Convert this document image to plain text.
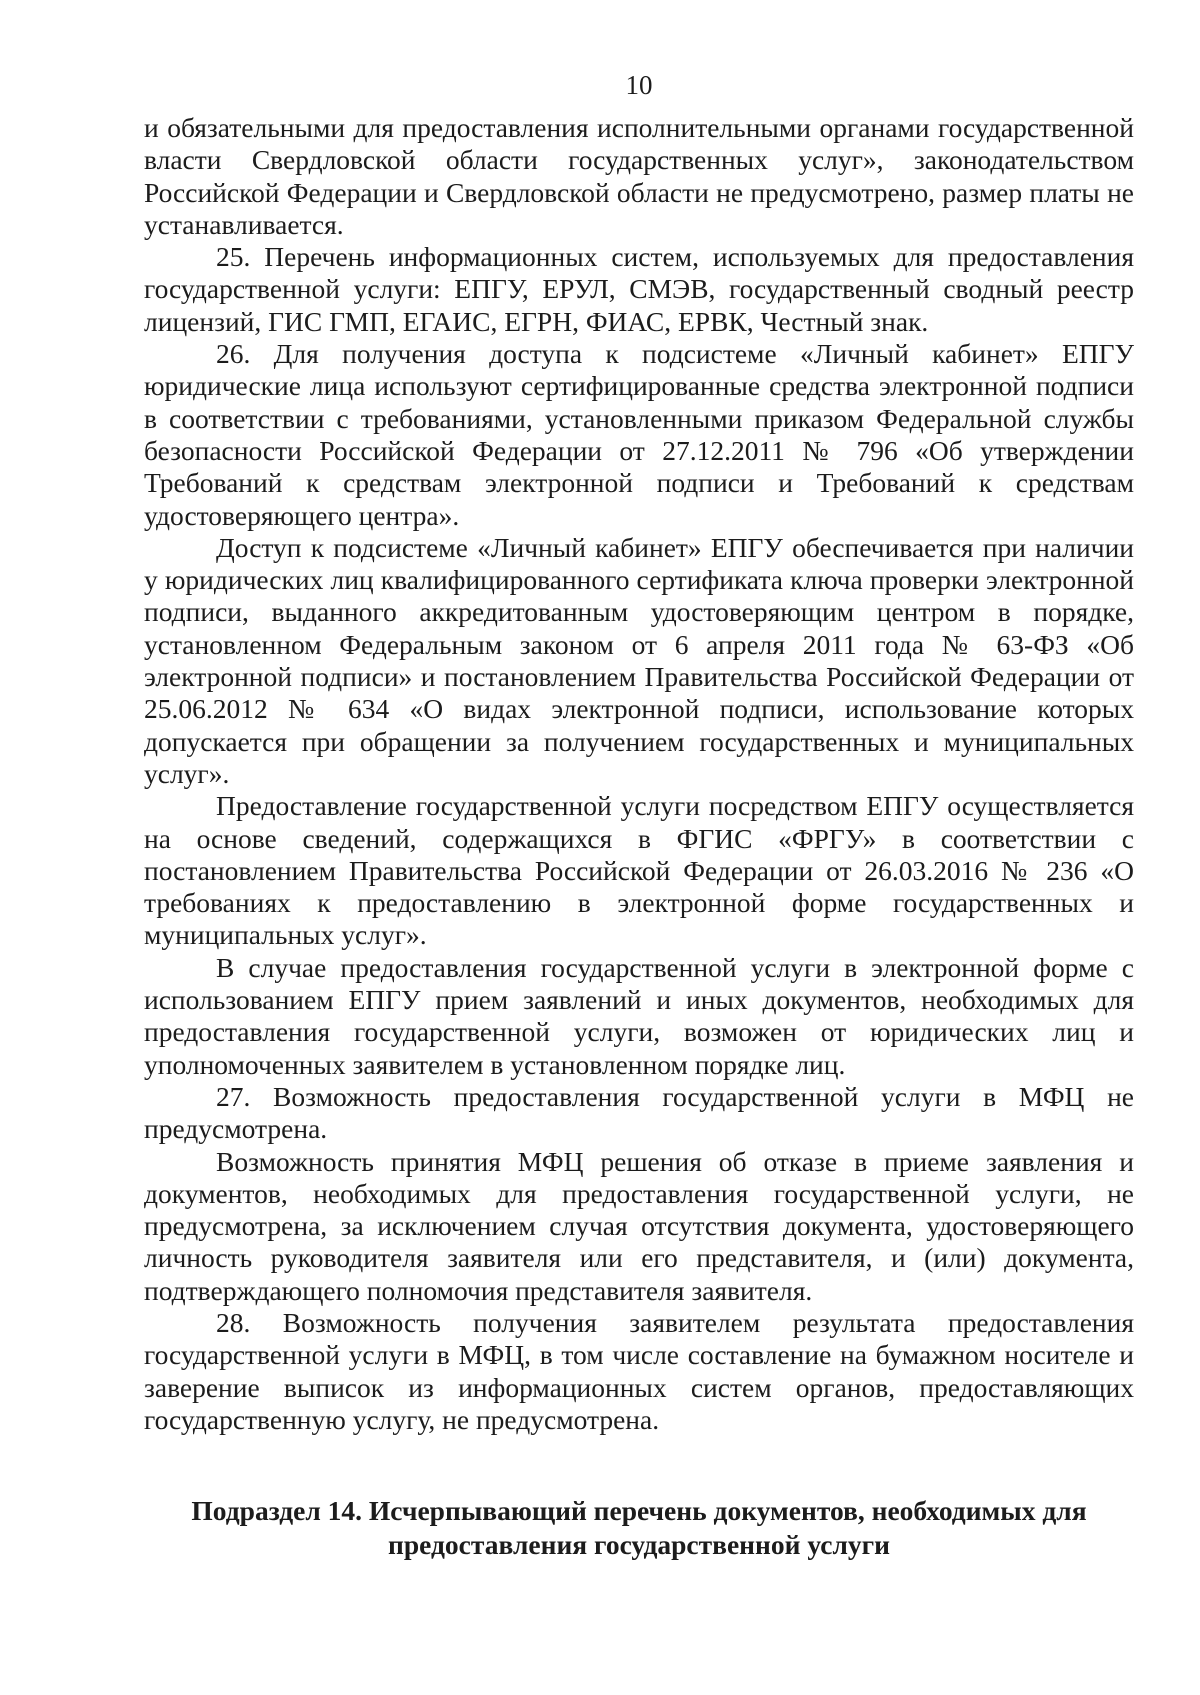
10

и обязательными для предоставления исполнительными органами государственной власти Свердловской области государственных услуг», законодательством Российской Федерации и Свердловской области не предусмотрено, размер платы не устанавливается.

25. Перечень информационных систем, используемых для предоставления государственной услуги: ЕПГУ, ЕРУЛ, СМЭВ, государственный сводный реестр лицензий, ГИС ГМП, ЕГАИС, ЕГРН, ФИАС, ЕРВК, Честный знак.

26. Для получения доступа к подсистеме «Личный кабинет» ЕПГУ юридические лица используют сертифицированные средства электронной подписи в соответствии с требованиями, установленными приказом Федеральной службы безопасности Российской Федерации от 27.12.2011 № 796 «Об утверждении Требований к средствам электронной подписи и Требований к средствам удостоверяющего центра».

Доступ к подсистеме «Личный кабинет» ЕПГУ обеспечивается при наличии у юридических лиц квалифицированного сертификата ключа проверки электронной подписи, выданного аккредитованным удостоверяющим центром в порядке, установленном Федеральным законом от 6 апреля 2011 года № 63-ФЗ «Об электронной подписи» и постановлением Правительства Российской Федерации от 25.06.2012 № 634 «О видах электронной подписи, использование которых допускается при обращении за получением государственных и муниципальных услуг».

Предоставление государственной услуги посредством ЕПГУ осуществляется на основе сведений, содержащихся в ФГИС «ФРГУ» в соответствии с постановлением Правительства Российской Федерации от 26.03.2016 № 236 «О требованиях к предоставлению в электронной форме государственных и муниципальных услуг».

В случае предоставления государственной услуги в электронной форме с использованием ЕПГУ прием заявлений и иных документов, необходимых для предоставления государственной услуги, возможен от юридических лиц и уполномоченных заявителем в установленном порядке лиц.

27. Возможность предоставления государственной услуги в МФЦ не предусмотрена.

Возможность принятия МФЦ решения об отказе в приеме заявления и документов, необходимых для предоставления государственной услуги, не предусмотрена, за исключением случая отсутствия документа, удостоверяющего личность руководителя заявителя или его представителя, и (или) документа, подтверждающего полномочия представителя заявителя.

28. Возможность получения заявителем результата предоставления государственной услуги в МФЦ, в том числе составление на бумажном носителе и заверение выписок из информационных систем органов, предоставляющих государственную услугу, не предусмотрена.

Подраздел 14. Исчерпывающий перечень документов, необходимых для
предоставления государственной услуги
